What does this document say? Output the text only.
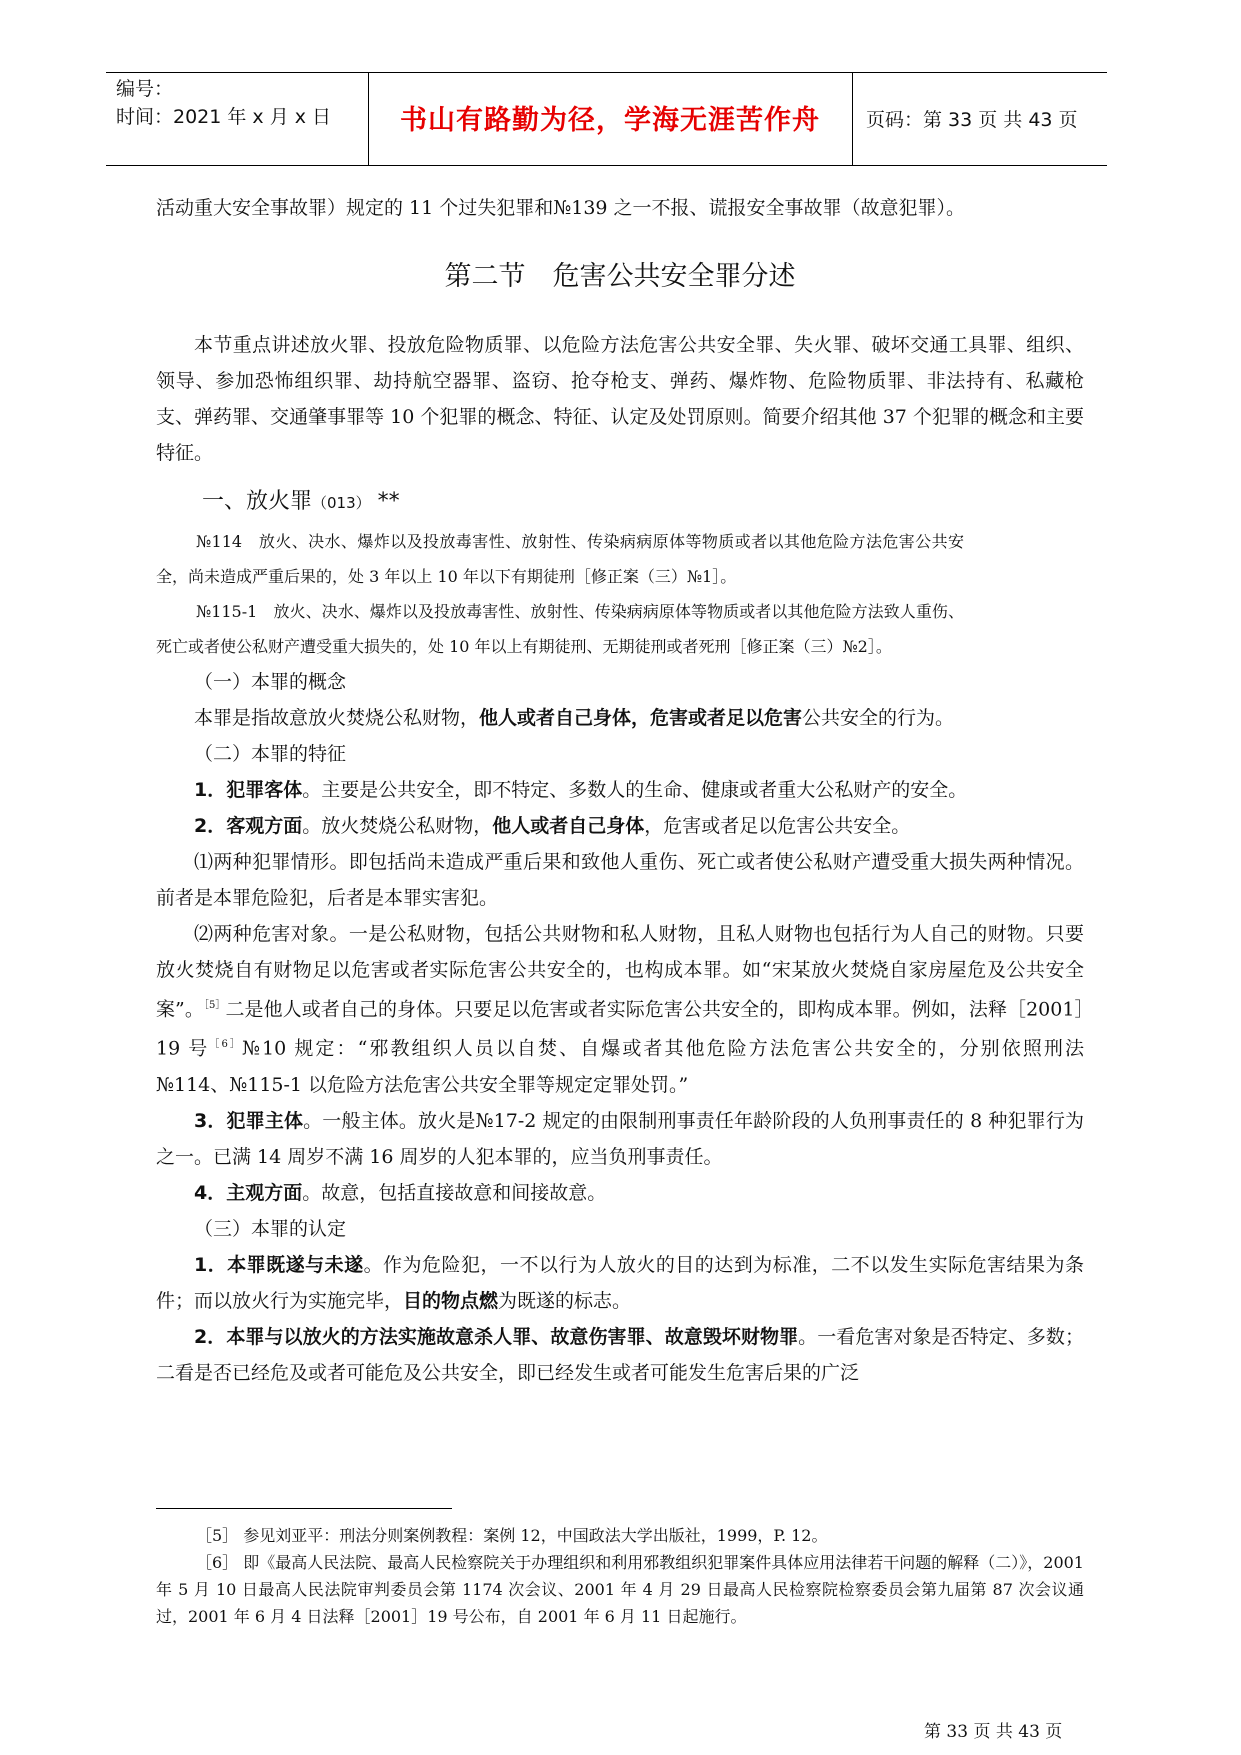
编号：
时间：2021 年 x 月 x 日	书山有路勤为径，学海无涯苦作舟	页码：第 33 页 共 43 页

活动重大安全事故罪）规定的 11 个过失犯罪和№139 之一不报、谎报安全事故罪（故意犯罪）。

第二节　危害公共安全罪分述

本节重点讲述放火罪、投放危险物质罪、以危险方法危害公共安全罪、失火罪、破坏交通工具罪、组织、领导、参加恐怖组织罪、劫持航空器罪、盗窃、抢夺枪支、弹药、爆炸物、危险物质罪、非法持有、私藏枪支、弹药罪、交通肇事罪等 10 个犯罪的概念、特征、认定及处罚原则。简要介绍其他 37 个犯罪的概念和主要特征。

一、放火罪（013） **

№114　放火、决水、爆炸以及投放毒害性、放射性、传染病病原体等物质或者以其他危险方法危害公共安全，尚未造成严重后果的，处 3 年以上 10 年以下有期徒刑［修正案（三）№1］。

№115-1　放火、决水、爆炸以及投放毒害性、放射性、传染病病原体等物质或者以其他危险方法致人重伤、死亡或者使公私财产遭受重大损失的，处 10 年以上有期徒刑、无期徒刑或者死刑［修正案（三）№2］。

（一）本罪的概念

本罪是指故意放火焚烧公私财物，他人或者自己身体，危害或者足以危害公共安全的行为。

（二）本罪的特征

1．犯罪客体。主要是公共安全，即不特定、多数人的生命、健康或者重大公私财产的安全。

2．客观方面。放火焚烧公私财物，他人或者自己身体，危害或者足以危害公共安全。

⑴两种犯罪情形。即包括尚未造成严重后果和致他人重伤、死亡或者使公私财产遭受重大损失两种情况。前者是本罪危险犯，后者是本罪实害犯。

⑵两种危害对象。一是公私财物，包括公共财物和私人财物，且私人财物也包括行为人自己的财物。只要放火焚烧自有财物足以危害或者实际危害公共安全的，也构成本罪。如“宋某放火焚烧自家房屋危及公共安全案”。$^{[5]}$二是他人或者自己的身体。只要足以危害或者实际危害公共安全的，即构成本罪。例如，法释［2001］19 号$^{[6]}$№10 规定：“邪教组织人员以自焚、自爆或者其他危险方法危害公共安全的，分别依照刑法№114、№115-1 以危险方法危害公共安全罪等规定定罪处罚。”

3．犯罪主体。一般主体。放火是№17-2 规定的由限制刑事责任年龄阶段的人负刑事责任的 8 种犯罪行为之一。已满 14 周岁不满 16 周岁的人犯本罪的，应当负刑事责任。

4．主观方面。故意，包括直接故意和间接故意。

（三）本罪的认定

1．本罪既遂与未遂。作为危险犯，一不以行为人放火的目的达到为标准，二不以发生实际危害结果为条件；而以放火行为实施完毕，目的物点燃为既遂的标志。

2．本罪与以放火的方法实施故意杀人罪、故意伤害罪、故意毁坏财物罪。一看危害对象是否特定、多数；二看是否已经危及或者可能危及公共安全，即已经发生或者可能发生危害后果的广泛

［5］ 参见刘亚平：刑法分则案例教程：案例 12，中国政法大学出版社，1999，P. 12。

［6］ 即《最高人民法院、最高人民检察院关于办理组织和利用邪教组织犯罪案件具体应用法律若干问题的解释（二）》，2001 年 5 月 10 日最高人民法院审判委员会第 1174 次会议、2001 年 4 月 29 日最高人民检察院检察委员会第九届第 87 次会议通过，2001 年 6 月 4 日法释［2001］19 号公布，自 2001 年 6 月 11 日起施行。

第 33 页 共 43 页
